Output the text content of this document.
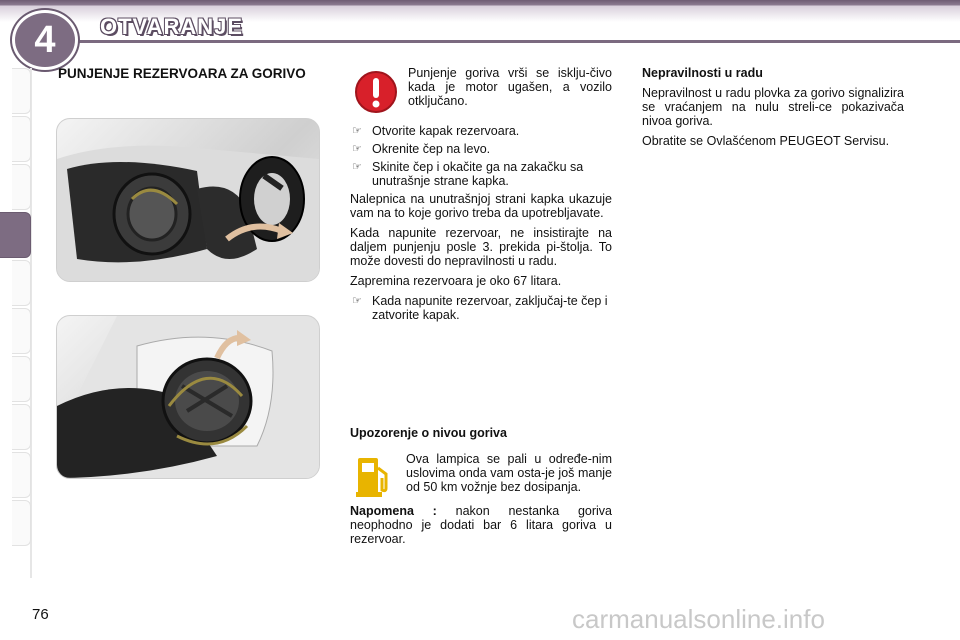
4 OTVARANJE
PUNJENJE REZERVOARA ZA GORIVO	Punjenje goriva vrši se isklju-čivo kada je motor ugašen, a vozilo otključano.
☞ Otvorite kapak rezervoara.
☞ Okrenite čep na levo.
☞ Skinite čep i okačite ga na zakačku sa unutrašnje strane kapka.

Nalepnica na unutrašnjoj strani kapka ukazuje vam na to koje gorivo treba da upotrebljavate.

Kada napunite rezervoar, ne insistirajte na daljem punjenju posle 3. prekida pi-štolja. To može dovesti do nepravilnosti u radu.

Zapremina rezervoara je oko 67 litara.

☞ Kada napunite rezervoar, zaključaj-te čep i zatvorite kapak.
Upozorenje o nivou goriva
Ova lampica se pali u određe-nim uslovima onda vam osta-je još manje od 50 km vožnje bez dosipanja.

Napomena : nakon nestanka goriva neophodno je dodati bar 6 litara goriva u rezervoar.

Nepravilnosti u radu

Nepravilnost u radu plovka za gorivo signalizira se vraćanjem na nulu streli-ce pokazivača nivoa goriva.

Obratite se Ovlašćenom PEUGEOT Servisu.

76	carmanualsonline.info
